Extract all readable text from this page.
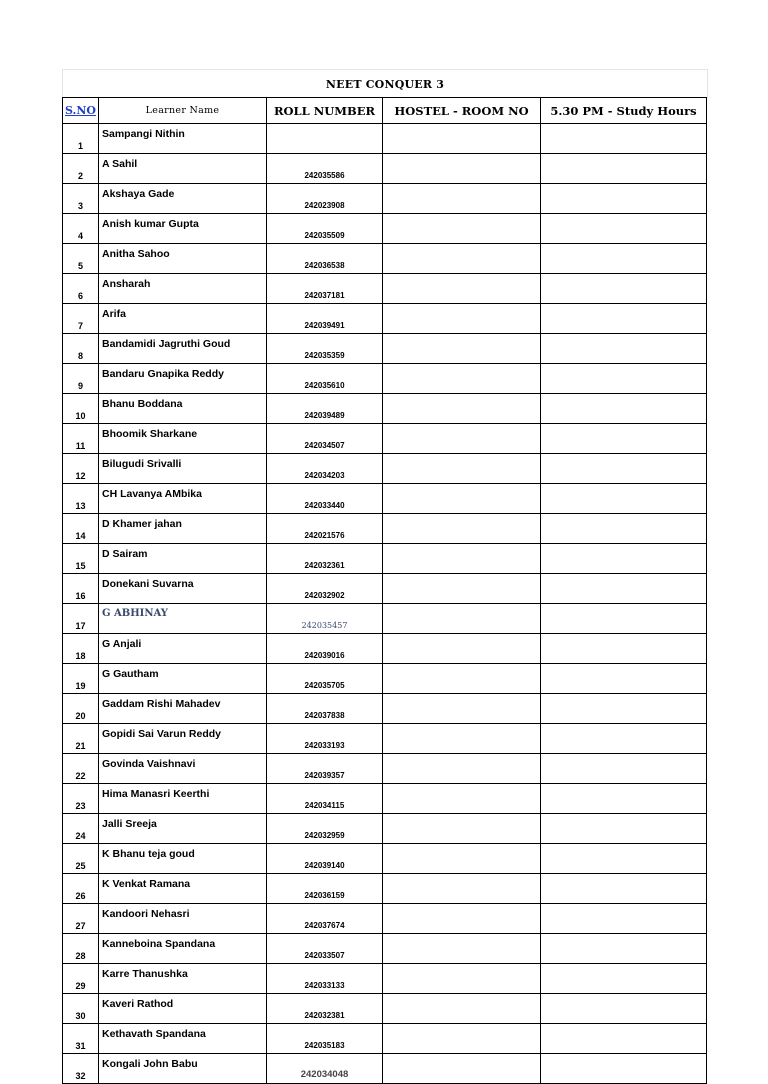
NEET CONQUER 3
S.NO	Learner Name	ROLL NUMBER	HOSTEL - ROOM NO	5.30 PM - Study Hours
1	Sampangi Nithin			
2	A Sahil	242035586		
3	Akshaya Gade	242023908		
4	Anish kumar Gupta	242035509		
5	Anitha Sahoo	242036538		
6	Ansharah	242037181		
7	Arifa	242039491		
8	Bandamidi Jagruthi Goud	242035359		
9	Bandaru Gnapika Reddy	242035610		
10	Bhanu Boddana	242039489		
11	Bhoomik Sharkane	242034507		
12	Bilugudi Srivalli	242034203		
13	CH Lavanya AMbika	242033440		
14	D Khamer jahan	242021576		
15	D Sairam	242032361		
16	Donekani Suvarna	242032902		
17	G ABHINAY	242035457		
18	G Anjali	242039016		
19	G Gautham	242035705		
20	Gaddam Rishi Mahadev	242037838		
21	Gopidi Sai Varun Reddy	242033193		
22	Govinda Vaishnavi	242039357		
23	Hima Manasri Keerthi	242034115		
24	Jalli Sreeja	242032959		
25	K Bhanu teja goud	242039140		
26	K Venkat Ramana	242036159		
27	Kandoori Nehasri	242037674		
28	Kanneboina Spandana	242033507		
29	Karre Thanushka	242033133		
30	Kaveri Rathod	242032381		
31	Kethavath Spandana	242035183		
32	Kongali John Babu	242034048		
